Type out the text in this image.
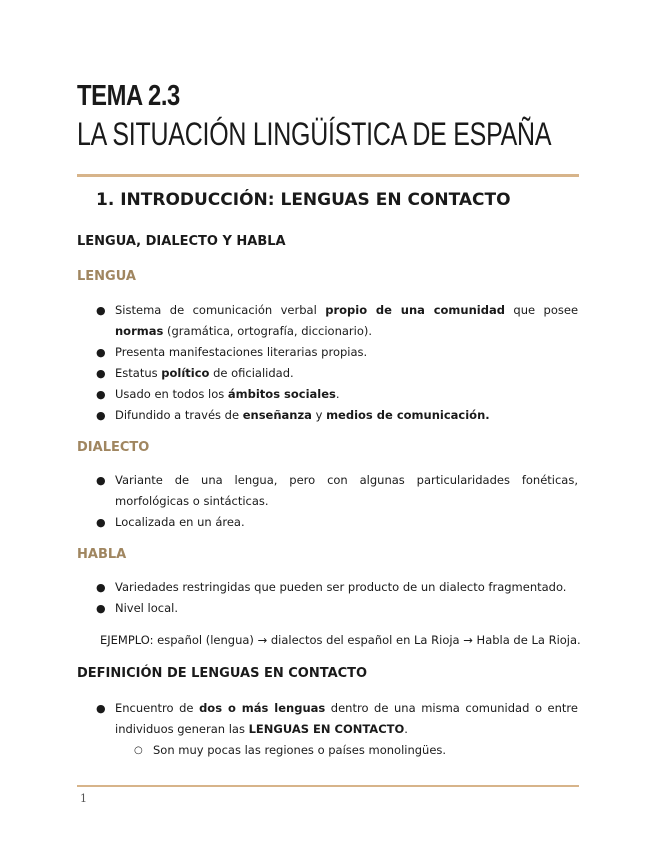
TEMA 2.3
LA SITUACIÓN LINGÜÍSTICA DE ESPAÑA
1. INTRODUCCIÓN: LENGUAS EN CONTACTO
LENGUA, DIALECTO Y HABLA
LENGUA
● Sistema de comunicación verbal propio de una comunidad que posee normas (gramática, ortografía, diccionario).
● Presenta manifestaciones literarias propias.
● Estatus político de oficialidad.
● Usado en todos los ámbitos sociales.
● Difundido a través de enseñanza y medios de comunicación.
DIALECTO
● Variante de una lengua, pero con algunas particularidades fonéticas, morfológicas o sintácticas.
● Localizada en un área.
HABLA
● Variedades restringidas que pueden ser producto de un dialecto fragmentado.
● Nivel local.
EJEMPLO: español (lengua) → dialectos del español en La Rioja → Habla de La Rioja.
DEFINICIÓN DE LENGUAS EN CONTACTO
● Encuentro de dos o más lenguas dentro de una misma comunidad o entre individuos generan las LENGUAS EN CONTACTO.
○ Son muy pocas las regiones o países monolingües.
1
